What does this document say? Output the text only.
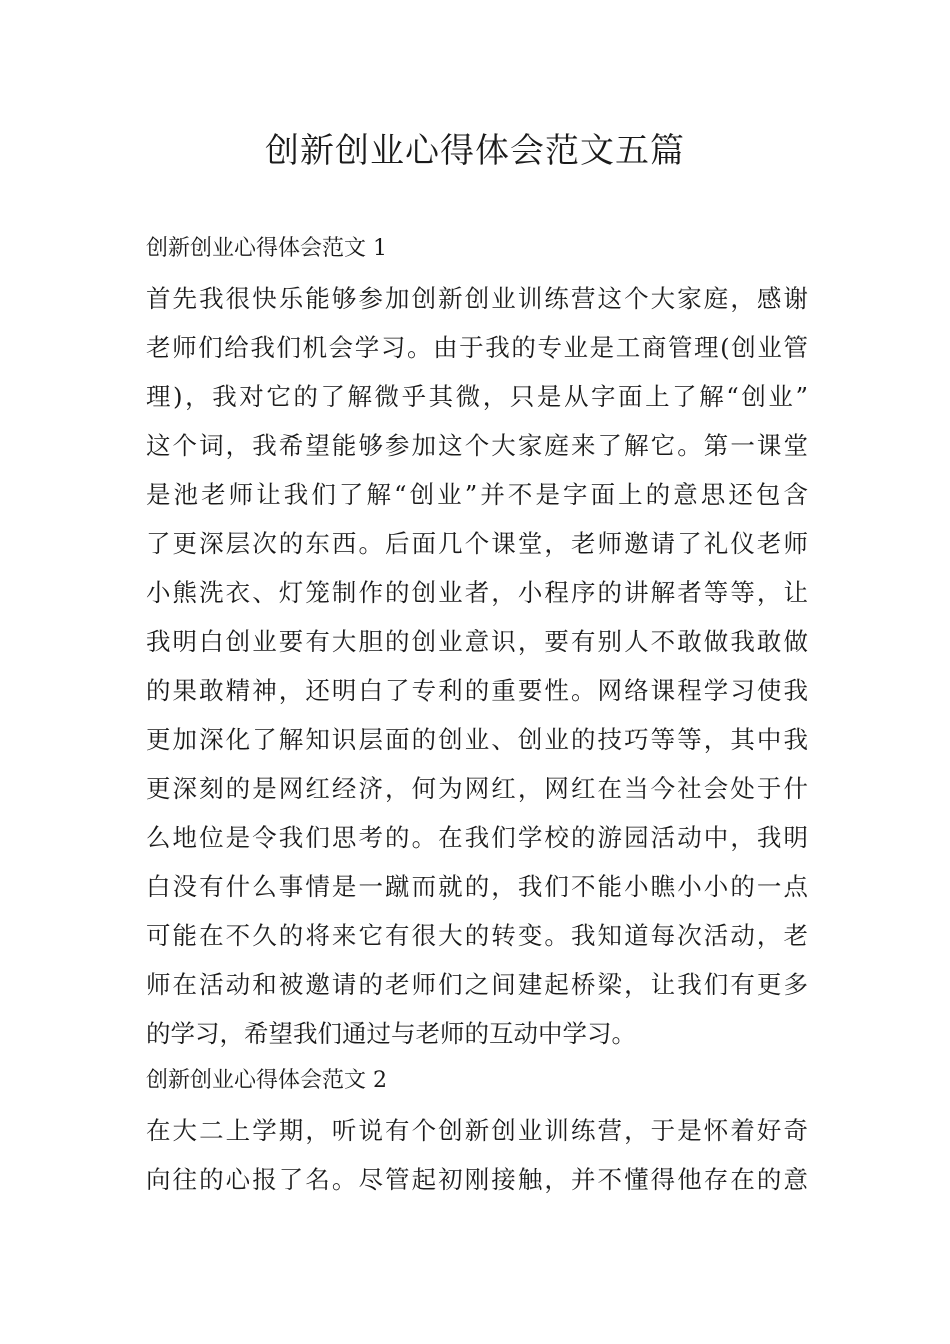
创新创业心得体会范文五篇

创新创业心得体会范文 1

首先我很快乐能够参加创新创业训练营这个大家庭，感谢

老师们给我们机会学习。由于我的专业是工商管理(创业管

理)，我对它的了解微乎其微，只是从字面上了解“创业”

这个词，我希望能够参加这个大家庭来了解它。第一课堂

是池老师让我们了解“创业”并不是字面上的意思还包含

了更深层次的东西。后面几个课堂，老师邀请了礼仪老师

小熊洗衣、灯笼制作的创业者，小程序的讲解者等等，让

我明白创业要有大胆的创业意识，要有别人不敢做我敢做

的果敢精神，还明白了专利的重要性。网络课程学习使我

更加深化了解知识层面的创业、创业的技巧等等，其中我

更深刻的是网红经济，何为网红，网红在当今社会处于什

么地位是令我们思考的。在我们学校的游园活动中，我明

白没有什么事情是一蹴而就的，我们不能小瞧小小的一点

可能在不久的将来它有很大的转变。我知道每次活动，老

师在活动和被邀请的老师们之间建起桥梁，让我们有更多

的学习，希望我们通过与老师的互动中学习。

创新创业心得体会范文 2

在大二上学期，听说有个创新创业训练营，于是怀着好奇

向往的心报了名。尽管起初刚接触，并不懂得他存在的意
